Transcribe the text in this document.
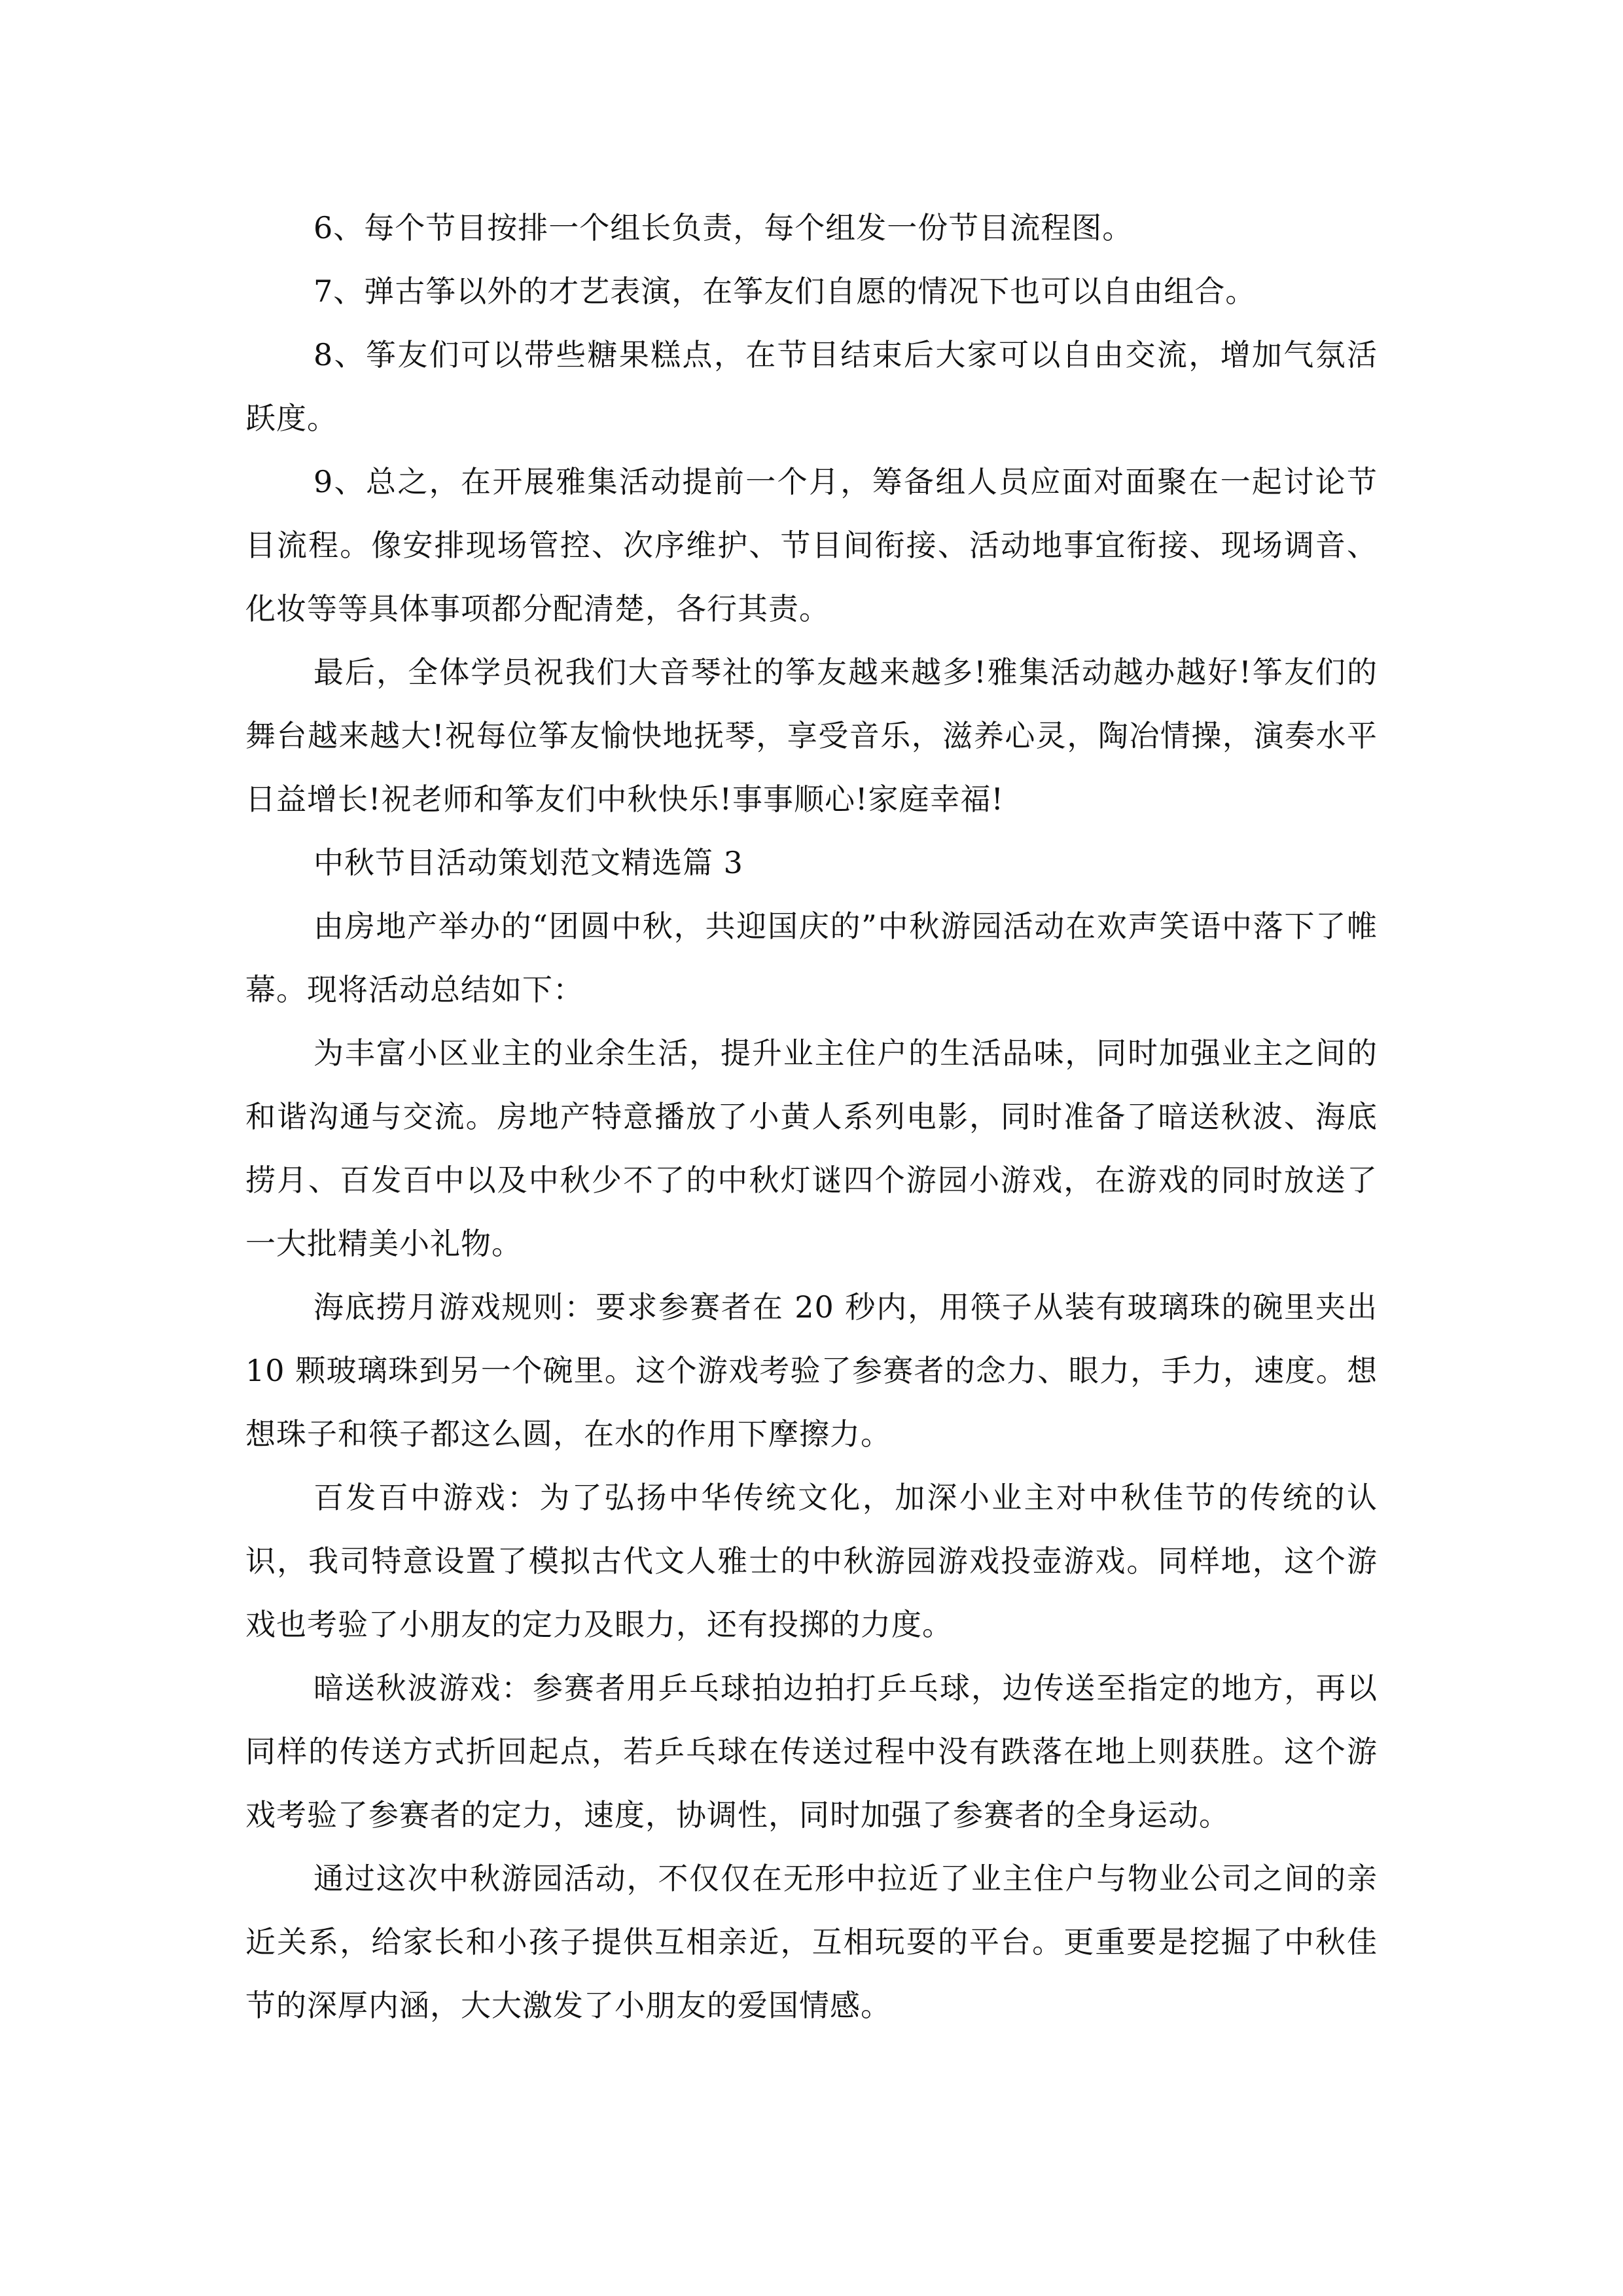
6、每个节目按排一个组长负责，每个组发一份节目流程图。

7、弹古筝以外的才艺表演，在筝友们自愿的情况下也可以自由组合。

8、筝友们可以带些糖果糕点，在节目结束后大家可以自由交流，增加气氛活跃度。

9、总之，在开展雅集活动提前一个月，筹备组人员应面对面聚在一起讨论节目流程。像安排现场管控、次序维护、节目间衔接、活动地事宜衔接、现场调音、化妆等等具体事项都分配清楚，各行其责。

最后，全体学员祝我们大音琴社的筝友越来越多!雅集活动越办越好!筝友们的舞台越来越大!祝每位筝友愉快地抚琴，享受音乐，滋养心灵，陶冶情操，演奏水平日益增长!祝老师和筝友们中秋快乐!事事顺心!家庭幸福!

中秋节目活动策划范文精选篇 3

由房地产举办的“团圆中秋，共迎国庆的”中秋游园活动在欢声笑语中落下了帷幕。现将活动总结如下：

为丰富小区业主的业余生活，提升业主住户的生活品味，同时加强业主之间的和谐沟通与交流。房地产特意播放了小黄人系列电影，同时准备了暗送秋波、海底捞月、百发百中以及中秋少不了的中秋灯谜四个游园小游戏，在游戏的同时放送了一大批精美小礼物。

海底捞月游戏规则：要求参赛者在 20 秒内，用筷子从装有玻璃珠的碗里夹出 10 颗玻璃珠到另一个碗里。这个游戏考验了参赛者的念力、眼力，手力，速度。想想珠子和筷子都这么圆，在水的作用下摩擦力。

百发百中游戏：为了弘扬中华传统文化，加深小业主对中秋佳节的传统的认识，我司特意设置了模拟古代文人雅士的中秋游园游戏投壶游戏。同样地，这个游戏也考验了小朋友的定力及眼力，还有投掷的力度。

暗送秋波游戏：参赛者用乒乓球拍边拍打乒乓球，边传送至指定的地方，再以同样的传送方式折回起点，若乒乓球在传送过程中没有跌落在地上则获胜。这个游戏考验了参赛者的定力，速度，协调性，同时加强了参赛者的全身运动。

通过这次中秋游园活动，不仅仅在无形中拉近了业主住户与物业公司之间的亲近关系，给家长和小孩子提供互相亲近，互相玩耍的平台。更重要是挖掘了中秋佳节的深厚内涵，大大激发了小朋友的爱国情感。
